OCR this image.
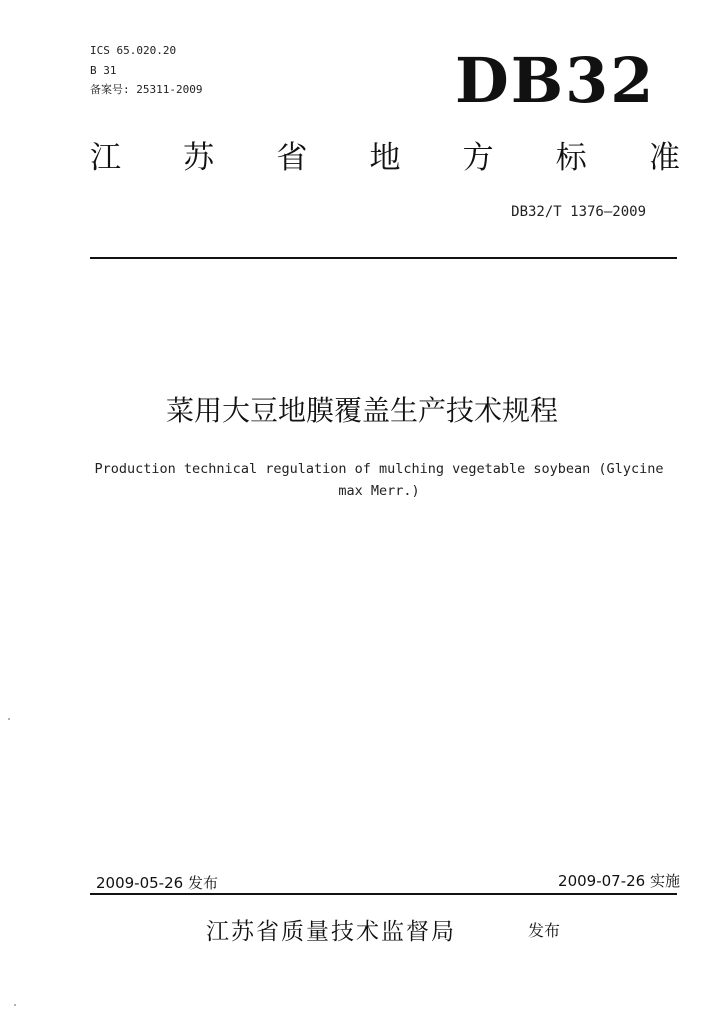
ICS 65.020.20
B 31
备案号: 25311-2009	DB32
江 苏 省 地 方 标 准
DB32/T 1376—2009
菜用大豆地膜覆盖生产技术规程
Production technical regulation of mulching vegetable soybean (Glycine max Merr.)
2009-05-26 发布	2009-07-26 实施
江苏省质量技术监督局	发布
